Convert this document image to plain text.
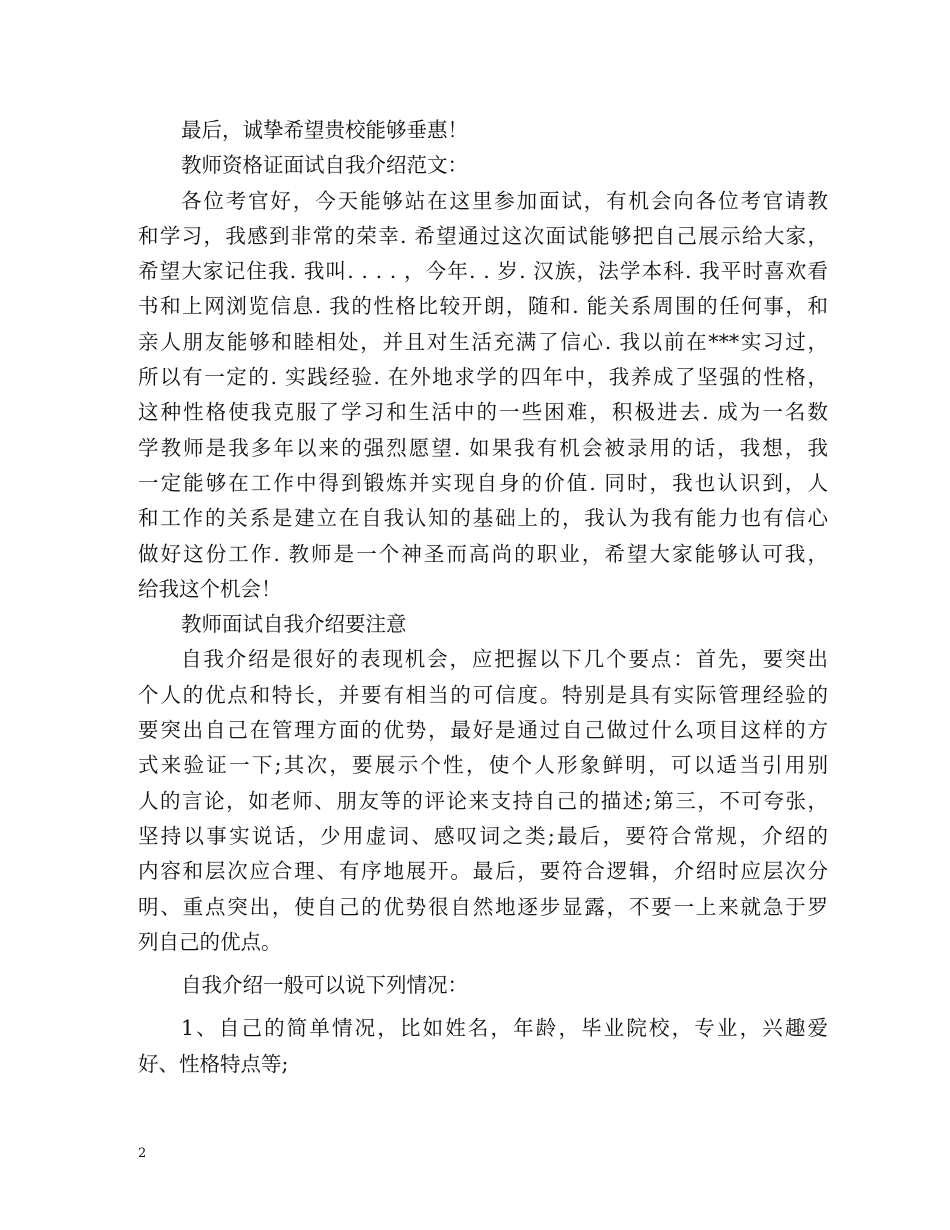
最后，诚挚希望贵校能够垂惠！
教师资格证面试自我介绍范文：
各位考官好，今天能够站在这里参加面试，有机会向各位考官请教
和学习，我感到非常的荣幸. 希望通过这次面试能够把自己展示给大家，
希望大家记住我. 我叫. . . . ，今年. . 岁. 汉族，法学本科. 我平时喜欢看
书和上网浏览信息. 我的性格比较开朗，随和. 能关系周围的任何事，和
亲人朋友能够和睦相处，并且对生活充满了信心. 我以前在***实习过，
所以有一定的. 实践经验. 在外地求学的四年中，我养成了坚强的性格，
这种性格使我克服了学习和生活中的一些困难，积极进去. 成为一名数
学教师是我多年以来的强烈愿望. 如果我有机会被录用的话，我想，我
一定能够在工作中得到锻炼并实现自身的价值. 同时，我也认识到，人
和工作的关系是建立在自我认知的基础上的，我认为我有能力也有信心
做好这份工作. 教师是一个神圣而高尚的职业，希望大家能够认可我，
给我这个机会！
教师面试自我介绍要注意
自我介绍是很好的表现机会，应把握以下几个要点：首先，要突出
个人的优点和特长，并要有相当的可信度。特别是具有实际管理经验的
要突出自己在管理方面的优势，最好是通过自己做过什么项目这样的方
式来验证一下;其次，要展示个性，使个人形象鲜明，可以适当引用别
人的言论，如老师、朋友等的评论来支持自己的描述;第三，不可夸张，
坚持以事实说话，少用虚词、感叹词之类;最后，要符合常规，介绍的
内容和层次应合理、有序地展开。最后，要符合逻辑，介绍时应层次分
明、重点突出，使自己的优势很自然地逐步显露，不要一上来就急于罗
列自己的优点。
自我介绍一般可以说下列情况：
1、自己的简单情况，比如姓名，年龄，毕业院校，专业，兴趣爱
好、性格特点等;
2
